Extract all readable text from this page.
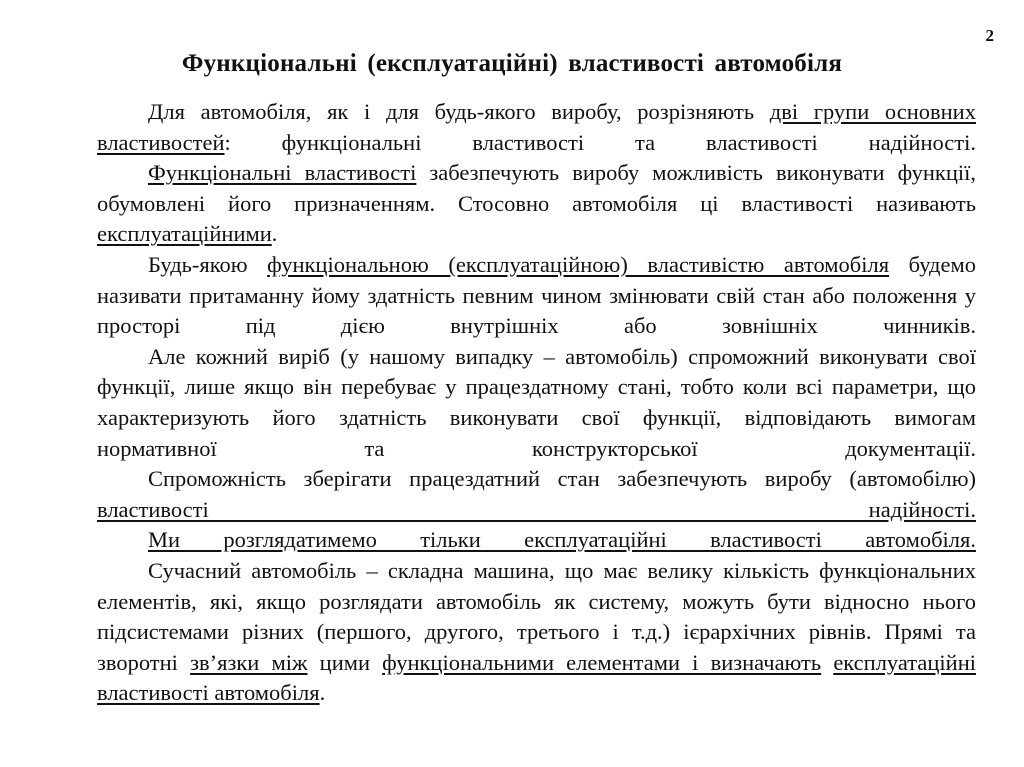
2
Функціональні (експлуатаційні) властивості автомобіля

Для автомобіля, як і для будь-якого виробу, розрізняють дві групи основних властивостей: функціональні властивості та властивості надійності.

Функціональні властивості забезпечують виробу можливість виконувати функції, обумовлені його призначенням. Стосовно автомобіля ці властивості називають експлуатаційними.

Будь-якою функціональною (експлуатаційною) властивістю автомобіля будемо називати притаманну йому здатність певним чином змінювати свій стан або положення у просторі під дією внутрішніх або зовнішніх чинників.

Але кожний виріб (у нашому випадку – автомобіль) спроможний виконувати свої функції, лише якщо він перебуває у працездатному стані, тобто коли всі параметри, що характеризують його здатність виконувати свої функції, відповідають вимогам нормативної та конструкторської документації.

Спроможність зберігати працездатний стан забезпечують виробу (автомобілю) властивості надійності.

Ми розглядатимемо тільки експлуатаційні властивості автомобіля.

Сучасний автомобіль – складна машина, що має велику кількість функціональних елементів, які, якщо розглядати автомобіль як систему, можуть бути відносно нього підсистемами різних (першого, другого, третього і т.д.) ієрархічних рівнів. Прямі та зворотні зв’язки між цими функціональними елементами і визначають експлуатаційні властивості автомобіля.
